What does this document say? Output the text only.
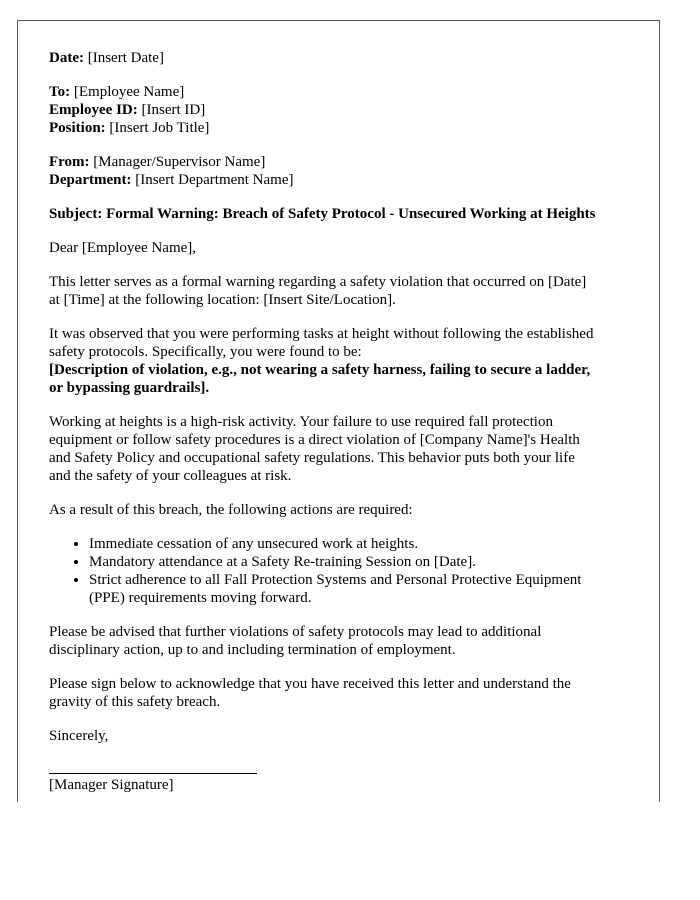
Date: [Insert Date]

To: [Employee Name]
Employee ID: [Insert ID]
Position: [Insert Job Title]

From: [Manager/Supervisor Name]
Department: [Insert Department Name]

Subject: Formal Warning: Breach of Safety Protocol - Unsecured Working at Heights

Dear [Employee Name],

This letter serves as a formal warning regarding a safety violation that occurred on [Date]
at [Time] at the following location: [Insert Site/Location].

It was observed that you were performing tasks at height without following the established
safety protocols. Specifically, you were found to be:
[Description of violation, e.g., not wearing a safety harness, failing to secure a ladder,
or bypassing guardrails].

Working at heights is a high-risk activity. Your failure to use required fall protection
equipment or follow safety procedures is a direct violation of [Company Name]'s Health
and Safety Policy and occupational safety regulations. This behavior puts both your life
and the safety of your colleagues at risk.

As a result of this breach, the following actions are required:

• Immediate cessation of any unsecured work at heights.
• Mandatory attendance at a Safety Re-training Session on [Date].
• Strict adherence to all Fall Protection Systems and Personal Protective Equipment
(PPE) requirements moving forward.

Please be advised that further violations of safety protocols may lead to additional
disciplinary action, up to and including termination of employment.

Please sign below to acknowledge that you have received this letter and understand the
gravity of this safety breach.

Sincerely,

[Manager Signature]
